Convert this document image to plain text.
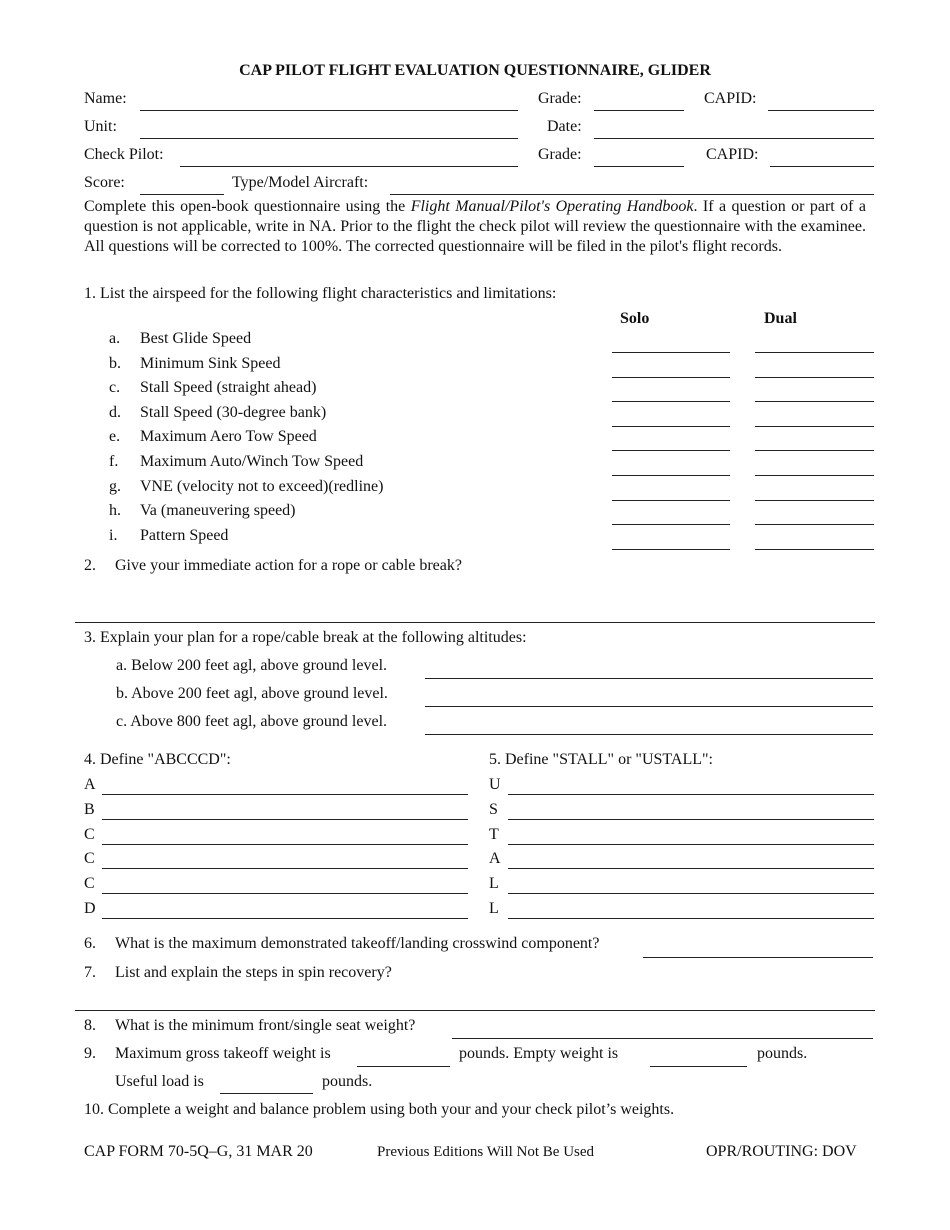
CAP PILOT FLIGHT EVALUATION QUESTIONNAIRE, GLIDER
Name:	Grade:	CAPID:
Unit:	Date:
Check Pilot:	Grade:	CAPID:
Score:	Type/Model Aircraft:
Complete this open-book questionnaire using the Flight Manual/Pilot's Operating Handbook. If a question or part of a question is not applicable, write in NA. Prior to the flight the check pilot will review the questionnaire with the examinee. All questions will be corrected to 100%. The corrected questionnaire will be filed in the pilot's flight records.
1. List the airspeed for the following flight characteristics and limitations:
Solo	Dual
a. Best Glide Speed
b. Minimum Sink Speed
c. Stall Speed (straight ahead)
d. Stall Speed (30-degree bank)
e. Maximum Aero Tow Speed
f. Maximum Auto/Winch Tow Speed
g. VNE (velocity not to exceed)(redline)
h. Va (maneuvering speed)
i. Pattern Speed
2. Give your immediate action for a rope or cable break?
3. Explain your plan for a rope/cable break at the following altitudes:
a. Below 200 feet agl, above ground level.
b. Above 200 feet agl, above ground level.
c. Above 800 feet agl, above ground level.
4. Define "ABCCCD":
A
B
C
C
C
D
5. Define "STALL" or "USTALL":
U
S
T
A
L
L
6. What is the maximum demonstrated takeoff/landing crosswind component?
7. List and explain the steps in spin recovery?
8. What is the minimum front/single seat weight?
9. Maximum gross takeoff weight is	pounds. Empty weight is	pounds.
Useful load is	pounds.
10. Complete a weight and balance problem using both your and your check pilot’s weights.
CAP FORM 70-5Q–G, 31 MAR 20	Previous Editions Will Not Be Used	OPR/ROUTING: DOV
